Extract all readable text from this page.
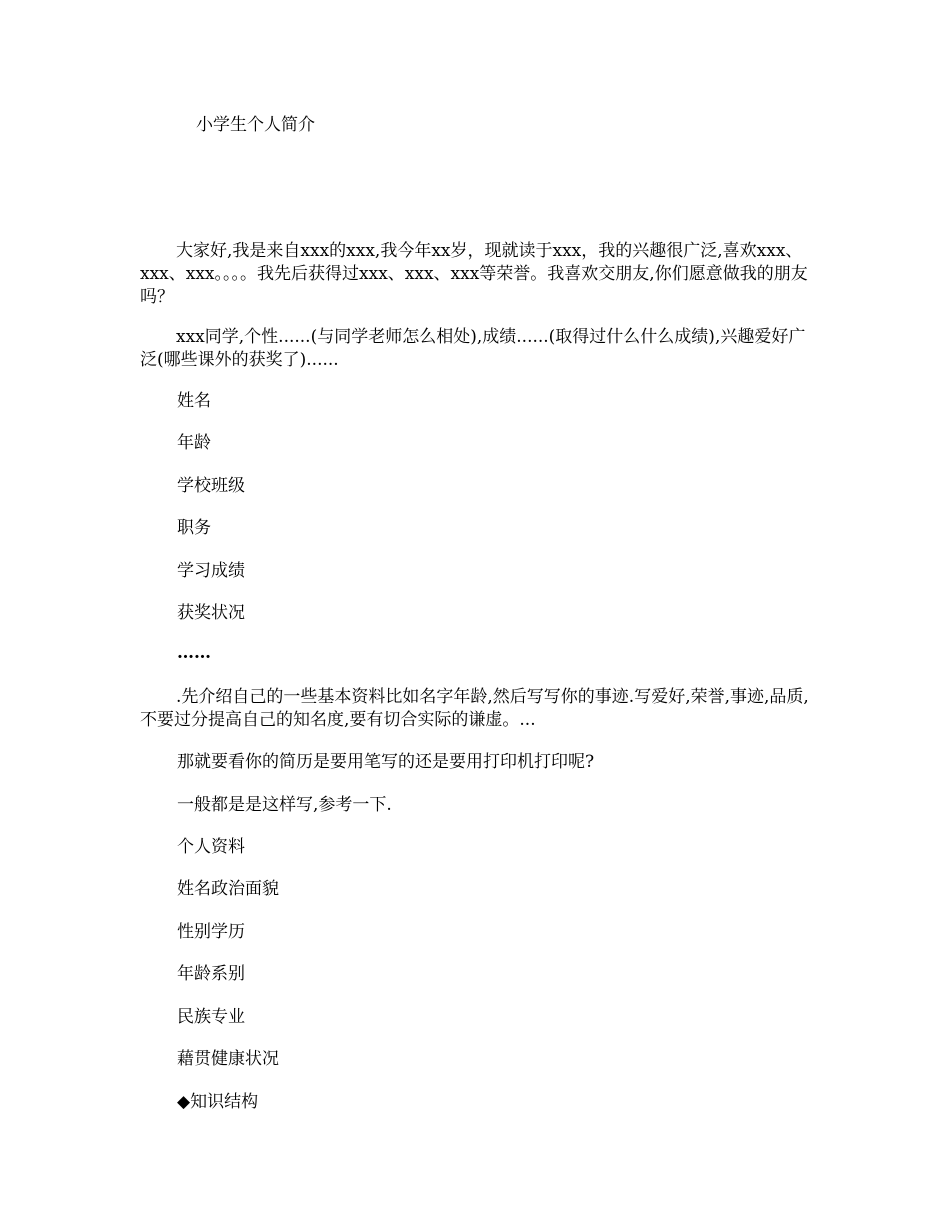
小学生个人简介
大家好,我是来自xxx的xxx,我今年xx岁，现就读于xxx，我的兴趣很广泛,喜欢xxx、xxx、xxx。。。。我先后获得过xxx、xxx、xxx等荣誉。我喜欢交朋友,你们愿意做我的朋友吗？
xxx同学,个性......(与同学老师怎么相处),成绩......(取得过什么什么成绩),兴趣爱好广泛(哪些课外的获奖了)......
姓名
年龄
学校班级
职务
学习成绩
获奖状况
……
.先介绍自己的一些基本资料比如名字年龄,然后写写你的事迹.写爱好,荣誉,事迹,品质,不要过分提高自己的知名度,要有切合实际的谦虚。...
那就要看你的简历是要用笔写的还是要用打印机打印呢?
一般都是是这样写,参考一下.
个人资料
姓名政治面貌
性别学历
年龄系别
民族专业
藉贯健康状况
◆知识结构
